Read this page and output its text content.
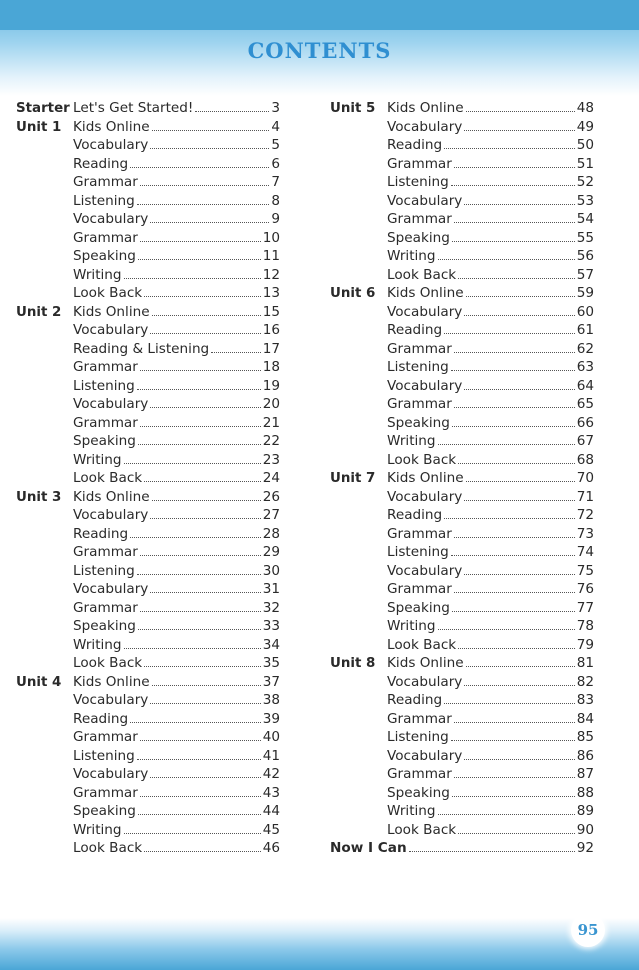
CONTENTS
Starter Let's Get Started!	3
Unit 1 Kids Online	4
Vocabulary	5
Reading	6
Grammar	7
Listening	8
Vocabulary	9
Grammar	10
Speaking	11
Writing	12
Look Back	13
Unit 2 Kids Online	15
Vocabulary	16
Reading & Listening	17
Grammar	18
Listening	19
Vocabulary	20
Grammar	21
Speaking	22
Writing	23
Look Back	24
Unit 3 Kids Online	26
Vocabulary	27
Reading	28
Grammar	29
Listening	30
Vocabulary	31
Grammar	32
Speaking	33
Writing	34
Look Back	35
Unit 4 Kids Online	37
Vocabulary	38
Reading	39
Grammar	40
Listening	41
Vocabulary	42
Grammar	43
Speaking	44
Writing	45
Look Back	46
Unit 5 Kids Online	48
Vocabulary	49
Reading	50
Grammar	51
Listening	52
Vocabulary	53
Grammar	54
Speaking	55
Writing	56
Look Back	57
Unit 6 Kids Online	59
Vocabulary	60
Reading	61
Grammar	62
Listening	63
Vocabulary	64
Grammar	65
Speaking	66
Writing	67
Look Back	68
Unit 7 Kids Online	70
Vocabulary	71
Reading	72
Grammar	73
Listening	74
Vocabulary	75
Grammar	76
Speaking	77
Writing	78
Look Back	79
Unit 8 Kids Online	81
Vocabulary	82
Reading	83
Grammar	84
Listening	85
Vocabulary	86
Grammar	87
Speaking	88
Writing	89
Look Back	90
Now I Can	92
95
